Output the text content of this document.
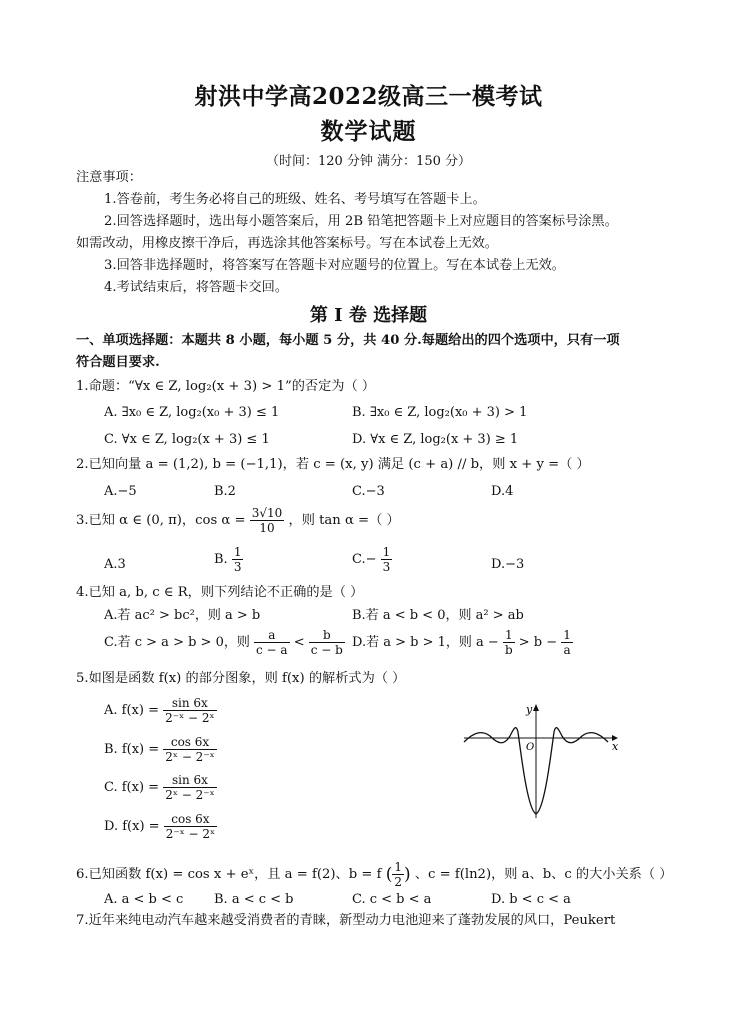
射洪中学高2022级高三一模考试
数学试题
（时间：120 分钟 满分：150 分）
注意事项：
1.答卷前，考生务必将自己的班级、姓名、考号填写在答题卡上。
2.回答选择题时，选出每小题答案后，用 2B 铅笔把答题卡上对应题目的答案标号涂黑。
如需改动，用橡皮擦干净后，再选涂其他答案标号。写在本试卷上无效。
3.回答非选择题时，将答案写在答题卡对应题号的位置上。写在本试卷上无效。
4.考试结束后，将答题卡交回。
第 I 卷 选择题
一、单项选择题：本题共 8 小题，每小题 5 分，共 40 分.每题给出的四个选项中，只有一项
符合题目要求.
1.命题：“∀x ∈ Z, log₂(x + 3) > 1”的否定为（ ）
A. ∃x₀ ∈ Z, log₂(x₀ + 3) ≤ 1	B. ∃x₀ ∈ Z, log₂(x₀ + 3) > 1
C. ∀x ∈ Z, log₂(x + 3) ≤ 1	D. ∀x ∈ Z, log₂(x + 3) ≥ 1
2.已知向量 a = (1,2), b = (−1,1)，若 c = (x, y) 满足 (c + a) // b，则 x + y =（ ）
A.−5	B.2	C.−3	D.4
3.已知 α ∈ (0, π)，$\cos \alpha = \frac{3√10}{10}$ ，则 tan α =（ ）
A.3	B. $\frac{1}{3}$	$C.- \frac{1}{3}$	D.−3
4.已知 a, b, c ∈ R，则下列结论不正确的是（ ）
A.若 ac² > bc²，则 a > b	B.若 a < b < 0，则 a² > ab
C.若 c > a > b > 0，则 $\frac{a}{c - a} < \frac{b}{c - b} D$.若 a > b > 1，则 $a - \frac{1}{b} > b - \frac{1}{a}$
5.如图是函数 f(x) 的部分图象，则 f(x) 的解析式为（ ）
A. $f(x) = \frac{\sin 6x}{\text{2⁻ˣ − 2ˣ}}$
B. $f(x) = \frac{\cos 6x}{\text{2ˣ − 2⁻ˣ}}$
C. $f(x) = \frac{\sin 6x}{\text{2ˣ − 2⁻ˣ}}$
D. $f(x) = \frac{\cos 6x}{\text{2⁻ˣ − 2ˣ}}$
y
x
O
6.已知函数 f(x) = cos x + eˣ，且 a = f(2)、b = f ( $\frac{1}{2}$ ) 、c = f(ln2)，则 a、b、c 的大小关系（ ）
A. a < b < c B. a < c < b	C. c < b < a	D. b < c < a
7.近年来纯电动汽车越来越受消费者的青睐，新型动力电池迎来了蓬勃发展的风口，Peukert
